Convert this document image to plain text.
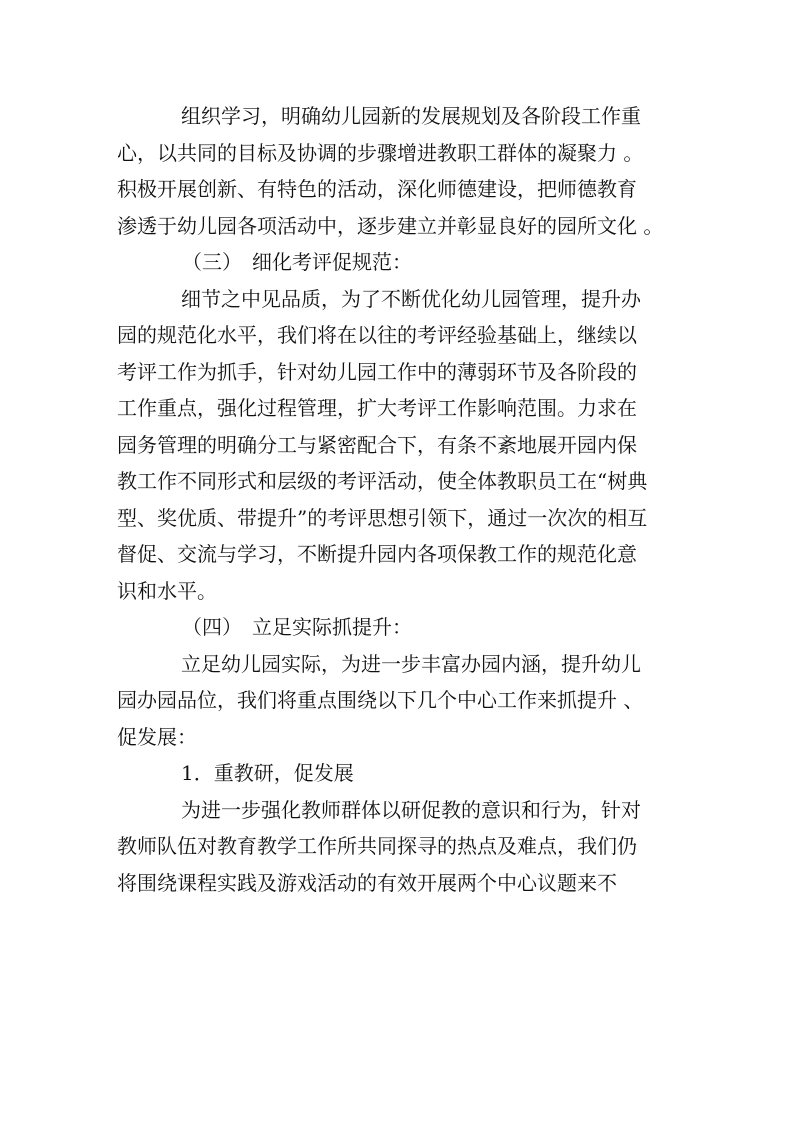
组织学习，明确幼儿园新的发展规划及各阶段工作重
心，以共同的目标及协调的步骤增进教职工群体的凝聚力 。
积极开展创新、有特色的活动，深化师德建设，把师德教育
渗透于幼儿园各项活动中，逐步建立并彰显良好的园所文化 。
（三）　细化考评促规范：
细节之中见品质，为了不断优化幼儿园管理，提升办
园的规范化水平，我们将在以往的考评经验基础上，继续以
考评工作为抓手，针对幼儿园工作中的薄弱环节及各阶段的
工作重点，强化过程管理，扩大考评工作影响范围。力求在
园务管理的明确分工与紧密配合下，有条不紊地展开园内保
教工作不同形式和层级的考评活动，使全体教职员工在“树典
型、奖优质、带提升”的考评思想引领下，通过一次次的相互
督促、交流与学习，不断提升园内各项保教工作的规范化意
识和水平。
（四）　立足实际抓提升：
立足幼儿园实际，为进一步丰富办园内涵，提升幼儿
园办园品位，我们将重点围绕以下几个中心工作来抓提升 、
促发展：
1．重教研，促发展
为进一步强化教师群体以研促教的意识和行为，针对
教师队伍对教育教学工作所共同探寻的热点及难点，我们仍
将围绕课程实践及游戏活动的有效开展两个中心议题来不
